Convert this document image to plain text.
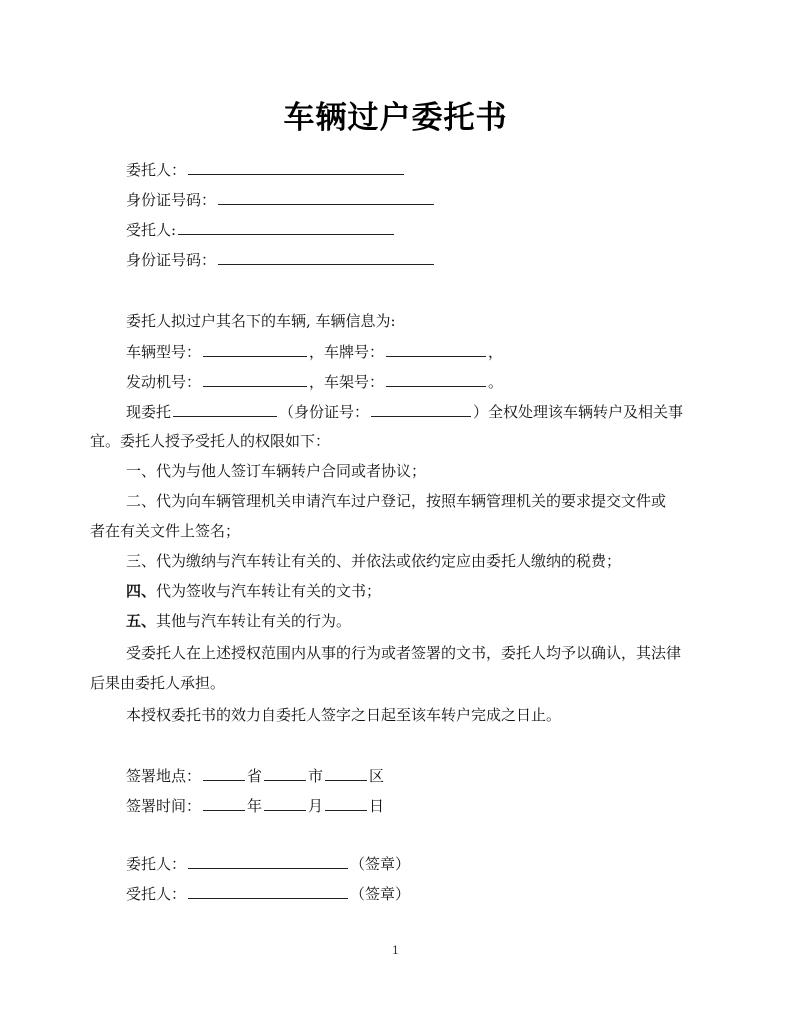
车辆过户委托书
委托人：
身份证号码：
受托人:
身份证号码：
委托人拟过户其名下的车辆, 车辆信息为:
车辆型号：	，车牌号：	，
发动机号：	，车架号：	。
现委托	（身份证号：	）全权处理该车辆转户及相关事
宜。委托人授予受托人的权限如下：
一、代为与他人签订车辆转户合同或者协议；
二、代为向车辆管理机关申请汽车过户登记，按照车辆管理机关的要求提交文件或
者在有关文件上签名；
三、代为缴纳与汽车转让有关的、并依法或依约定应由委托人缴纳的税费；
四、代为签收与汽车转让有关的文书；
五、其他与汽车转让有关的行为。
受委托人在上述授权范围内从事的行为或者签署的文书，委托人均予以确认，其法律
后果由委托人承担。
本授权委托书的效力自委托人签字之日起至该车转户完成之日止。
签署地点：	省	市	区
签署时间：	年	月	日
委托人：	（签章）
受托人：	（签章）
1
